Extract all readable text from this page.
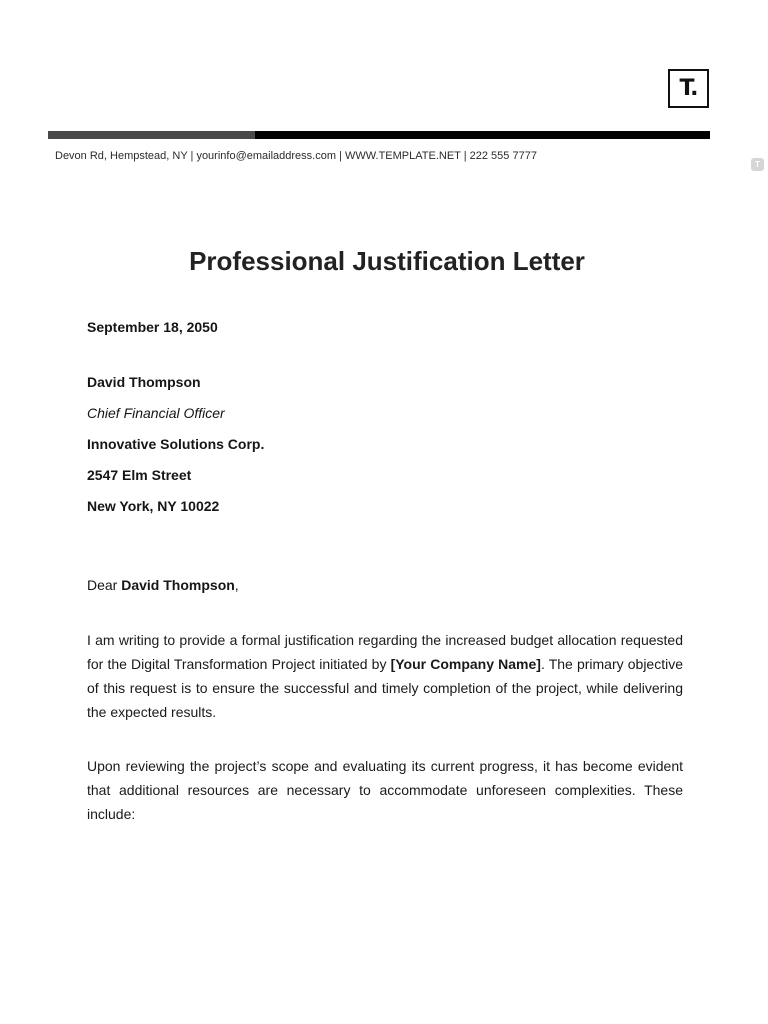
T.
Devon Rd, Hempstead, NY | yourinfo@emailaddress.com | WWW.TEMPLATE.NET | 222 555 7777
T
Professional Justification Letter
September 18, 2050
David Thompson
Chief Financial Officer
Innovative Solutions Corp.
2547 Elm Street
New York, NY 10022
Dear David Thompson,

I am writing to provide a formal justification regarding the increased budget allocation requested for the Digital Transformation Project initiated by [Your Company Name]. The primary objective of this request is to ensure the successful and timely completion of the project, while delivering the expected results.

Upon reviewing the project’s scope and evaluating its current progress, it has become evident that additional resources are necessary to accommodate unforeseen complexities. These include:
